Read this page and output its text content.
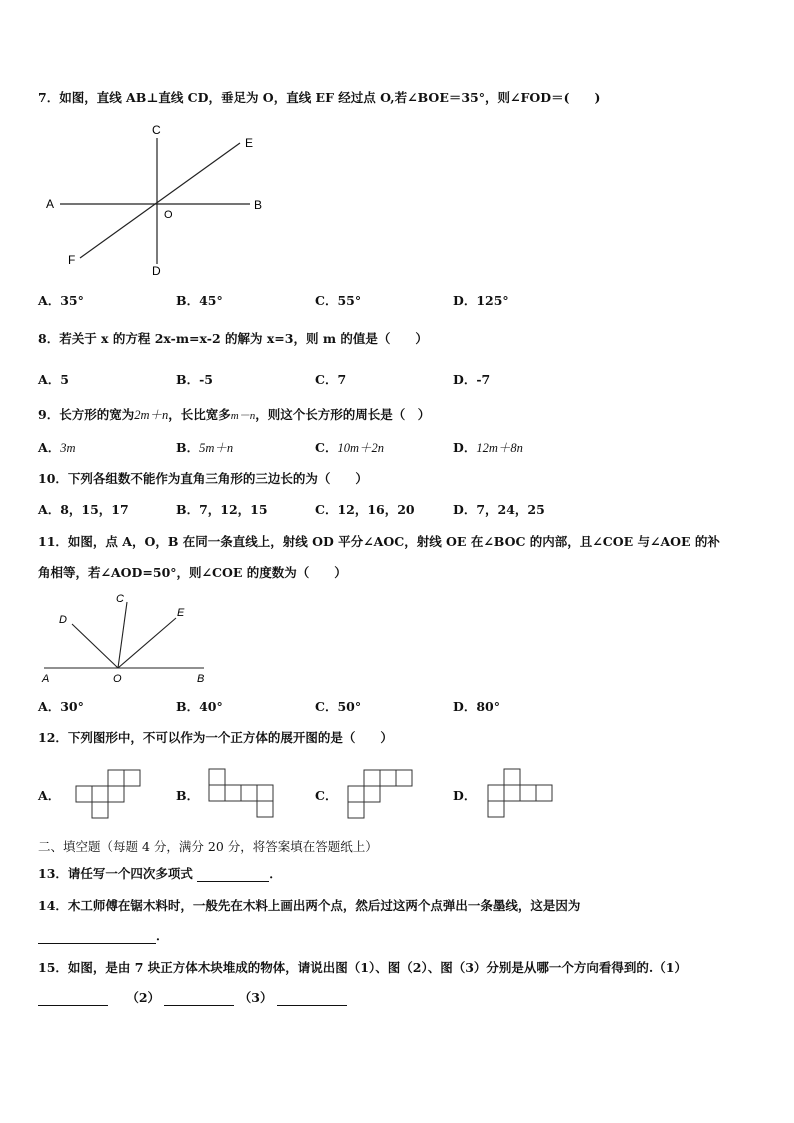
7．如图，直线 AB⊥直线 CD，垂足为 O，直线 EF 经过点 O,若∠BOE＝35°，则∠FOD＝(　　)
A	B
C
D
E
F
O
A．35°	B．45°	C．55°	D．125°
8．若关于 x 的方程 2x-m=x-2 的解为 x=3，则 m 的值是（　　）
A．5	B．-5	C．7	D．-7
9．长方形的宽为2m＋n，长比宽多m－n，则这个长方形的周长是（　）
A．3m	B．5m＋n	C．10m＋2n	D．12m＋8n
10．下列各组数不能作为直角三角形的三边长的为（　　）
A．8，15，17	B．7，12，15	C．12，16，20	D．7，24，25
11．如图，点 A，O，B 在同一条直线上，射线 OD 平分∠AOC，射线 OE 在∠BOC 的内部，且∠COE 与∠AOE 的补
角相等，若∠AOD=50°，则∠COE 的度数为（　　）
A	O	B
C
D
E
A．30°	B．40°	C．50°	D．80°
12．下列图形中，不可以作为一个正方体的展开图的是（　　）
A．	B．	C．	D．
二、填空题（每题 4 分，满分 20 分，将答案填在答题纸上）
13．请任写一个四次多项式	．
14．木工师傅在锯木料时，一般先在木料上画出两个点，然后过这两个点弹出一条墨线，这是因为
．
15．如图，是由 7 块正方体木块堆成的物体，请说出图（1）、图（2）、图（3）分别是从哪一个方向看得到的.（1）
（2）	（3）
